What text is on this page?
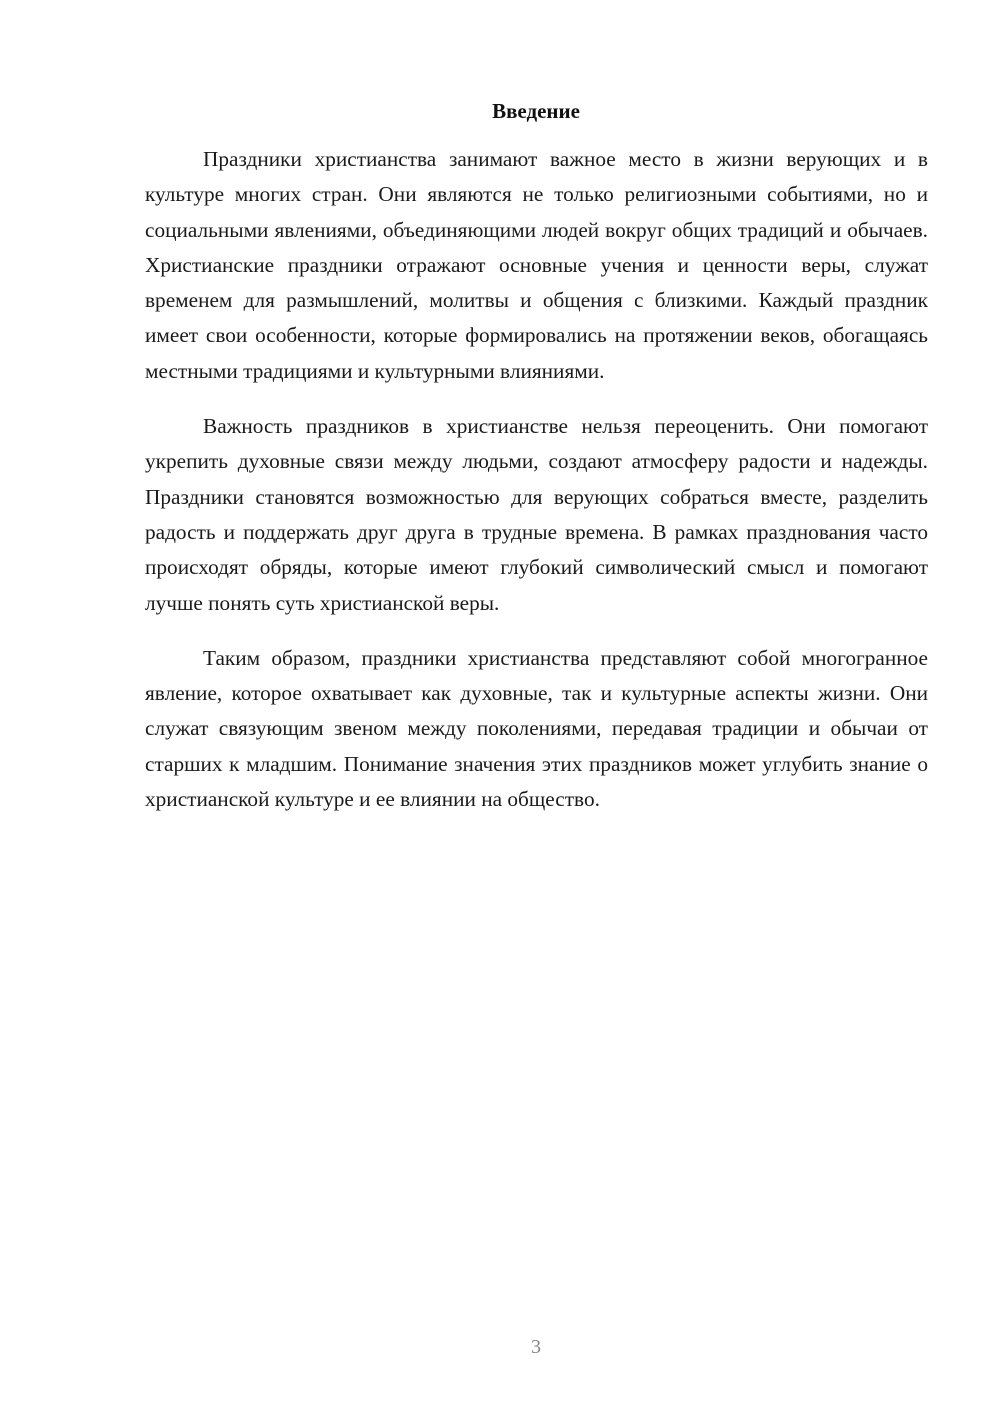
Введение

Праздники христианства занимают важное место в жизни верующих и в культуре многих стран. Они являются не только религиозными событиями, но и социальными явлениями, объединяющими людей вокруг общих традиций и обычаев. Христианские праздники отражают основные учения и ценности веры, служат временем для размышлений, молитвы и общения с близкими. Каждый праздник имеет свои особенности, которые формировались на протяжении веков, обогащаясь местными традициями и культурными влияниями.

Важность праздников в христианстве нельзя переоценить. Они помогают укрепить духовные связи между людьми, создают атмосферу радости и надежды. Праздники становятся возможностью для верующих собраться вместе, разделить радость и поддержать друг друга в трудные времена. В рамках празднования часто происходят обряды, которые имеют глубокий символический смысл и помогают лучше понять суть христианской веры.

Таким образом, праздники христианства представляют собой многогранное явление, которое охватывает как духовные, так и культурные аспекты жизни. Они служат связующим звеном между поколениями, передавая традиции и обычаи от старших к младшим. Понимание значения этих праздников может углубить знание о христианской культуре и ее влиянии на общество.

3
